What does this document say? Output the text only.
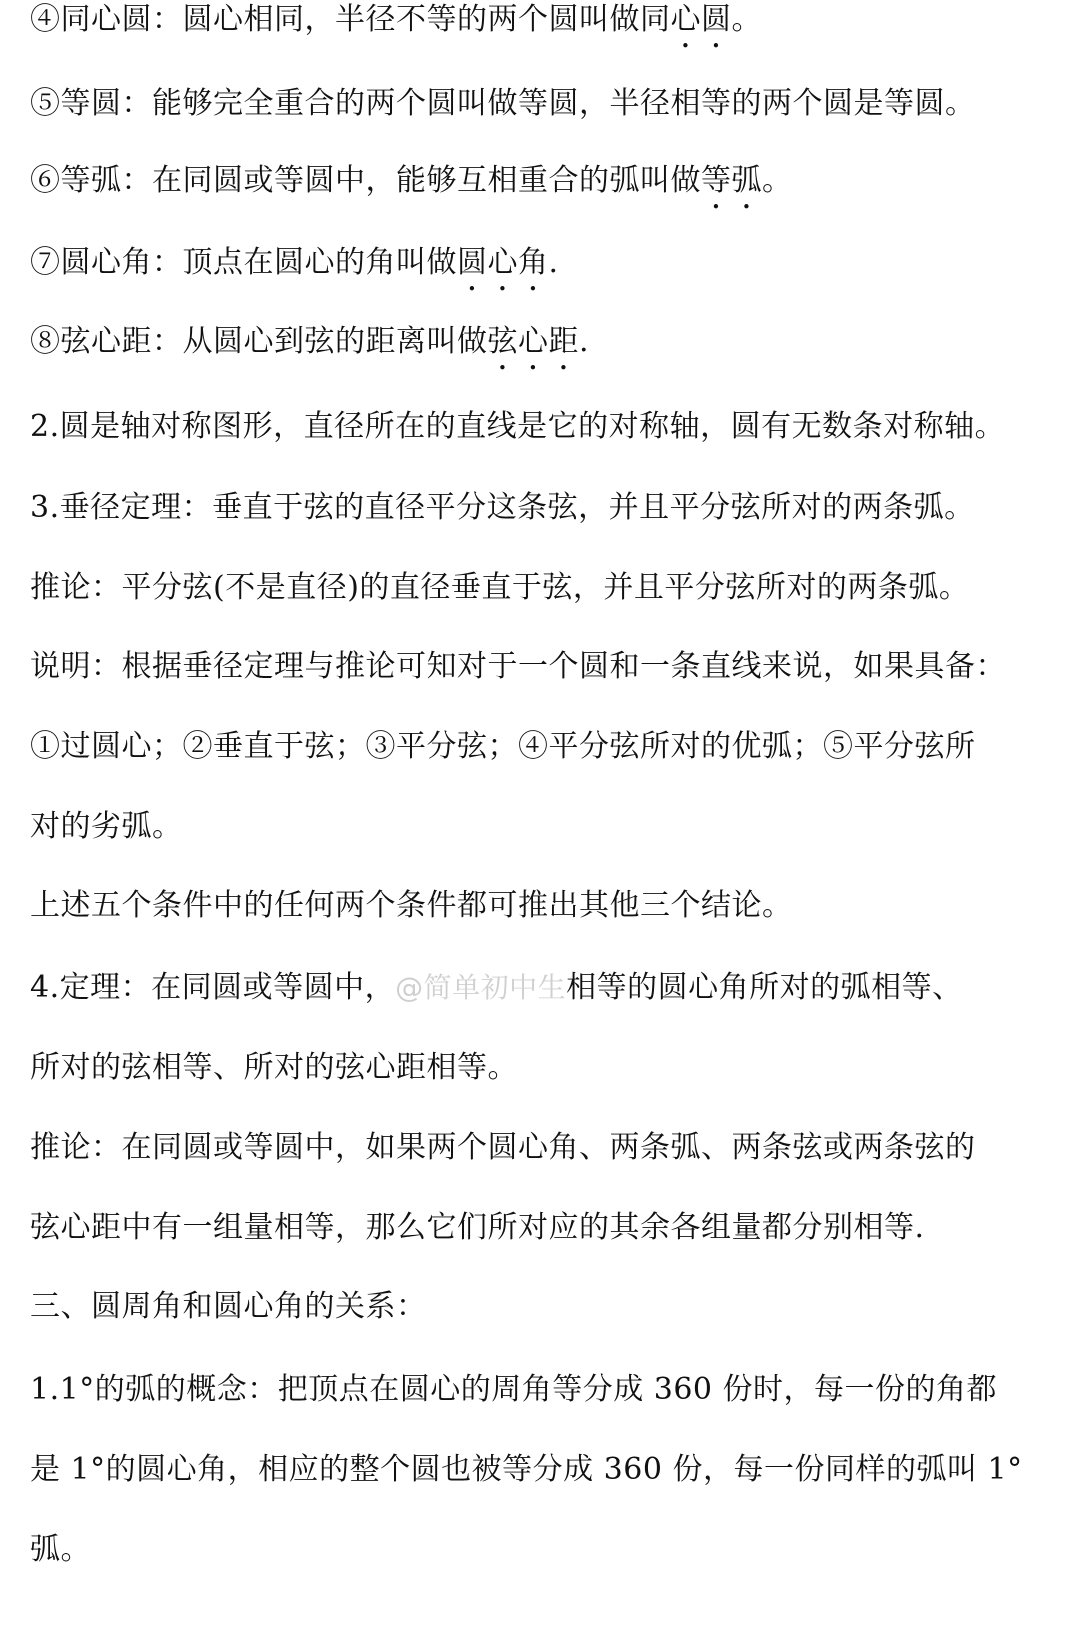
④同心圆：圆心相同，半径不等的两个圆叫做同心圆。
⑤等圆：能够完全重合的两个圆叫做等圆，半径相等的两个圆是等圆。
⑥等弧：在同圆或等圆中，能够互相重合的弧叫做等弧。
⑦圆心角：顶点在圆心的角叫做圆心角.
⑧弦心距：从圆心到弦的距离叫做弦心距.
2.圆是轴对称图形，直径所在的直线是它的对称轴，圆有无数条对称轴。
3.垂径定理：垂直于弦的直径平分这条弦，并且平分弦所对的两条弧。
推论：平分弦(不是直径)的直径垂直于弦，并且平分弦所对的两条弧。
说明：根据垂径定理与推论可知对于一个圆和一条直线来说，如果具备：
①过圆心；②垂直于弦；③平分弦；④平分弦所对的优弧；⑤平分弦所
对的劣弧。
上述五个条件中的任何两个条件都可推出其他三个结论。
4.定理：在同圆或等圆中，@简单初中生相等的圆心角所对的弧相等、
所对的弦相等、所对的弦心距相等。
推论：在同圆或等圆中，如果两个圆心角、两条弧、两条弦或两条弦的
弦心距中有一组量相等，那么它们所对应的其余各组量都分别相等.
三、圆周角和圆心角的关系：
1.1°的弧的概念：把顶点在圆心的周角等分成 360 份时，每一份的角都
是 1°的圆心角，相应的整个圆也被等分成 360 份，每一份同样的弧叫 1°
弧。
